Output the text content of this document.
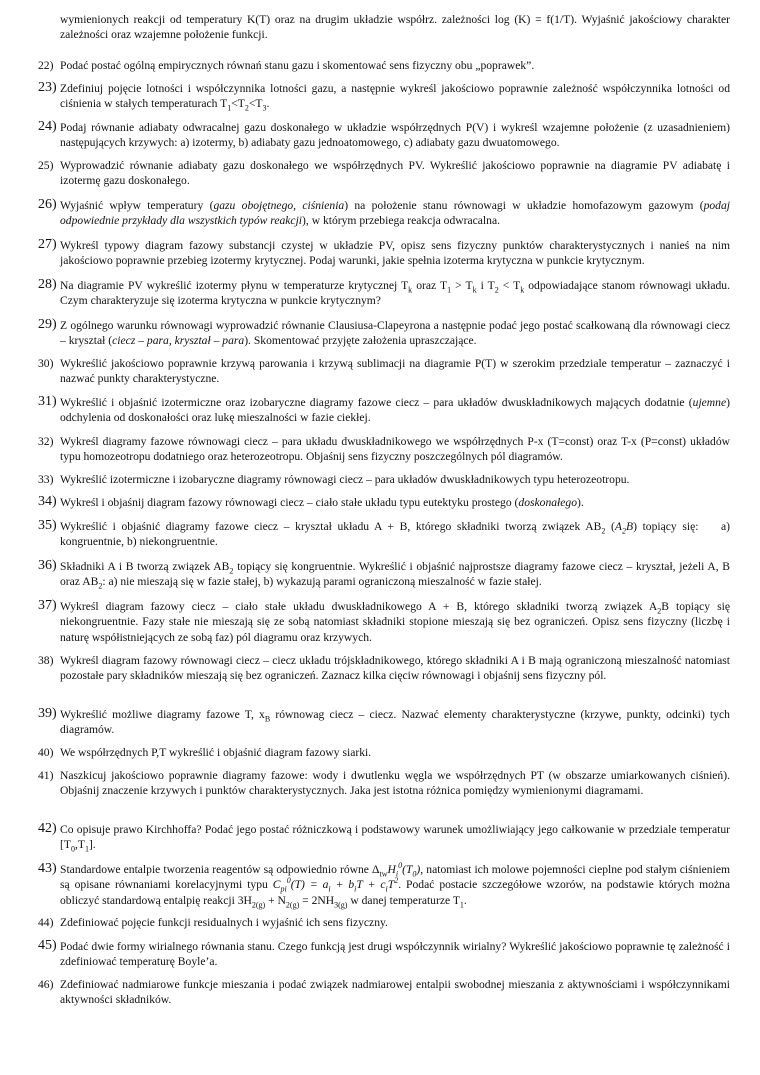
wymienionych reakcji od temperatury K(T) oraz na drugim układzie współrz. zależności log (K) = f(1/T). Wyjaśnić jakościowy charakter zależności oraz wzajemne położenie funkcji.

22) Podać postać ogólną empirycznych równań stanu gazu i skomentować sens fizyczny obu „poprawek”.

23) Zdefiniuj pojęcie lotności i współczynnika lotności gazu, a następnie wykreśl jakościowo poprawnie zależność współczynnika lotności od ciśnienia w stałych temperaturach $T_1<T_2<T_3$.

24) Podaj równanie adiabaty odwracalnej gazu doskonałego w układzie współrzędnych P(V) i wykreśl wzajemne położenie (z uzasadnieniem) następujących krzywych: a) izotermy, b) adiabaty gazu jednoatomowego, c) adiabaty gazu dwuatomowego.

25) Wyprowadzić równanie adiabaty gazu doskonałego we współrzędnych PV. Wykreślić jakościowo poprawnie na diagramie PV adiabatę i izotermę gazu doskonałego.

26) Wyjaśnić wpływ temperatury (gazu obojętnego, ciśnienia) na położenie stanu równowagi w układzie homofazowym gazowym (podaj odpowiednie przykłady dla wszystkich typów reakcji), w którym przebiega reakcja odwracalna.

27) Wykreśl typowy diagram fazowy substancji czystej w układzie PV, opisz sens fizyczny punktów charakterystycznych i nanieś na nim jakościowo poprawnie przebieg izotermy krytycznej. Podaj warunki, jakie spełnia izoterma krytyczna w punkcie krytycznym.

28) Na diagramie PV wykreślić izotermy płynu w temperaturze krytycznej $T_k$ oraz $T_1 > T_k$ i $T_2 < T_k$ odpowiadające stanom równowagi układu. Czym charakteryzuje się izoterma krytyczna w punkcie krytycznym?

29) Z ogólnego warunku równowagi wyprowadzić równanie Clausiusa-Clapeyrona a następnie podać jego postać scałkowaną dla równowagi ciecz – kryształ (ciecz – para, kryształ – para). Skomentować przyjęte założenia upraszczające.

30) Wykreślić jakościowo poprawnie krzywą parowania i krzywą sublimacji na diagramie P(T) w szerokim przedziale temperatur – zaznaczyć i nazwać punkty charakterystyczne.

31) Wykreślić i objaśnić izotermiczne oraz izobaryczne diagramy fazowe ciecz – para układów dwuskładnikowych mających dodatnie (ujemne) odchylenia od doskonałości oraz lukę mieszalności w fazie ciekłej.

32) Wykreśl diagramy fazowe równowagi ciecz – para układu dwuskładnikowego we współrzędnych P-x (T=const) oraz T-x (P=const) układów typu homozeotropu dodatniego oraz heterozeotropu. Objaśnij sens fizyczny poszczególnych pól diagramów.

33) Wykreślić izotermiczne i izobaryczne diagramy równowagi ciecz – para układów dwuskładnikowych typu heterozeotropu.

34) Wykreśl i objaśnij diagram fazowy równowagi ciecz – ciało stałe układu typu eutektyku prostego (doskonałego).

35) Wykreślić i objaśnić diagramy fazowe ciecz – kryształ układu A + B, którego składniki tworzą związek $AB_2$ $(A_2B)$ topiący się:    a) kongruentnie, b) niekongruentnie.

36) Składniki A i B tworzą związek $AB_2$ topiący się kongruentnie. Wykreślić i objaśnić najprostsze diagramy fazowe ciecz – kryształ, jeżeli A, B oraz $AB_2$: a) nie mieszają się w fazie stałej, b) wykazują parami ograniczoną mieszalność w fazie stałej.

37) Wykreśl diagram fazowy ciecz – ciało stałe układu dwuskładnikowego A + B, którego składniki tworzą związek $A_2B$ topiący się niekongruentnie. Fazy stałe nie mieszają się ze sobą natomiast składniki stopione mieszają się bez ograniczeń. Opisz sens fizyczny (liczbę i naturę współistniejących ze sobą faz) pól diagramu oraz krzywych.

38) Wykreśl diagram fazowy równowagi ciecz – ciecz układu trójskładnikowego, którego składniki A i B mają ograniczoną mieszalność natomiast pozostałe pary składników mieszają się bez ograniczeń. Zaznacz kilka cięciw równowagi i objaśnij sens fizyczny pól.

39) Wykreślić możliwe diagramy fazowe T, $x_B$ równowag ciecz – ciecz. Nazwać elementy charakterystyczne (krzywe, punkty, odcinki) tych diagramów.

40) We współrzędnych P,T wykreślić i objaśnić diagram fazowy siarki.

41) Naszkicuj jakościowo poprawnie diagramy fazowe: wody i dwutlenku węgla we współrzędnych PT (w obszarze umiarkowanych ciśnień). Objaśnij znaczenie krzywych i punktów charakterystycznych. Jaka jest istotna różnica pomiędzy wymienionymi diagramami.

42) Co opisuje prawo Kirchhoffa? Podać jego postać różniczkową i podstawowy warunek umożliwiający jego całkowanie w przedziale temperatur $[T_0,T_1]$.

43) Standardowe entalpie tworzenia reagentów są odpowiednio równe $\Delta_{tw}H_i^0(T_0)$, natomiast ich molowe pojemności cieplne pod stałym ciśnieniem są opisane równaniami korelacyjnymi typu $C_{pi}^0(T) = a_i + b_iT + c_iT^2$. Podać postacie szczegółowe wzorów, na podstawie których można obliczyć standardową entalpię reakcji $3H_{2(g)} + N_{2(g)} = 2NH_{3(g)}$ w danej temperaturze $T_1$.

44) Zdefiniować pojęcie funkcji residualnych i wyjaśnić ich sens fizyczny.

45) Podać dwie formy wirialnego równania stanu. Czego funkcją jest drugi współczynnik wirialny? Wykreślić jakościowo poprawnie tę zależność i zdefiniować temperaturę Boyle’a.

46) Zdefiniować nadmiarowe funkcje mieszania i podać związek nadmiarowej entalpii swobodnej mieszania z aktywnościami i współczynnikami aktywności składników.
